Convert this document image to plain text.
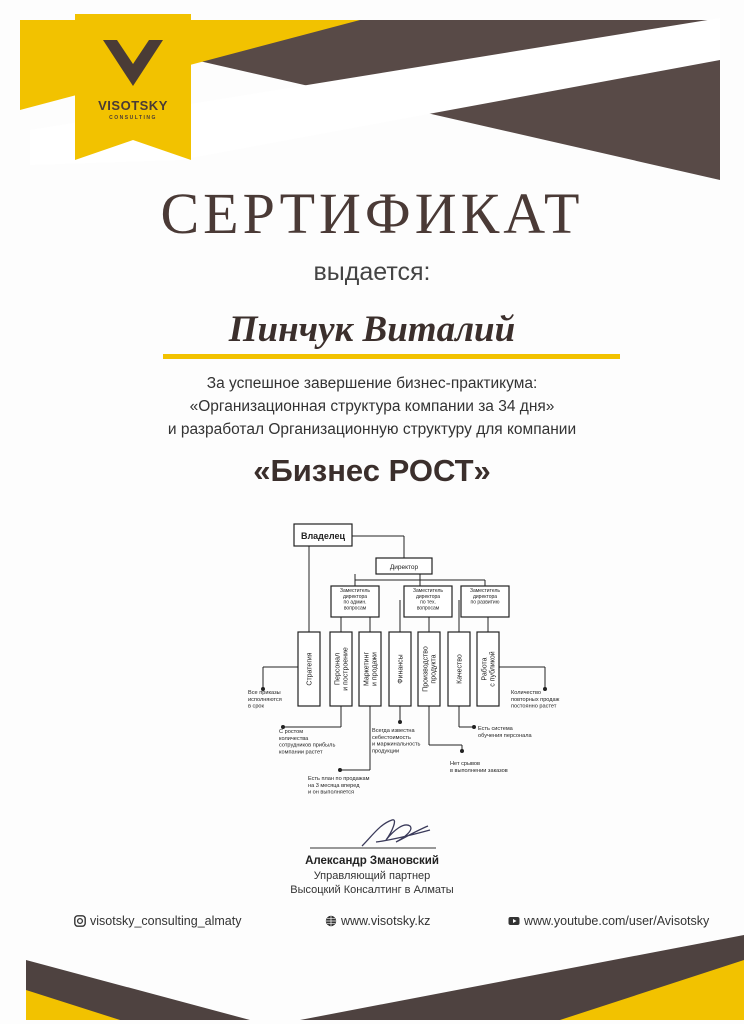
VISOTSKY
CONSULTING
СЕРТИФИКАТ
выдается:
Пинчук Виталий
За успешное завершение бизнес-практикума:
«Организационная структура компании за 34 дня»
и разработал Организационную структуру для компании
«Бизнес РОСТ»
Владелец
Директор
Заместитель директора по админ. вопросам
Заместитель директора по тех. вопросам
Заместитель директора по развитию
Стратегия	Персонали построение Маркетинги продажи	Финансы	Производствопродукта	Качество	Работас публикой
Все приказы исполняются в срок
С ростом количества сотрудников прибыль компании растет
Есть план по продажам на 3 месяца вперед и он выполняется
Всегда известна себестоимость и маржинальность продукции
Нет срывов в выполнении заказов
Есть система обучения персонала
Количество повторных продаж постоянно растет
Александр Змановский
Управляющий партнер
Высоцкий Консалтинг в Алматы
visotsky_consulting_almaty	www.visotsky.kz	www.youtube.com/user/Avisotsky
